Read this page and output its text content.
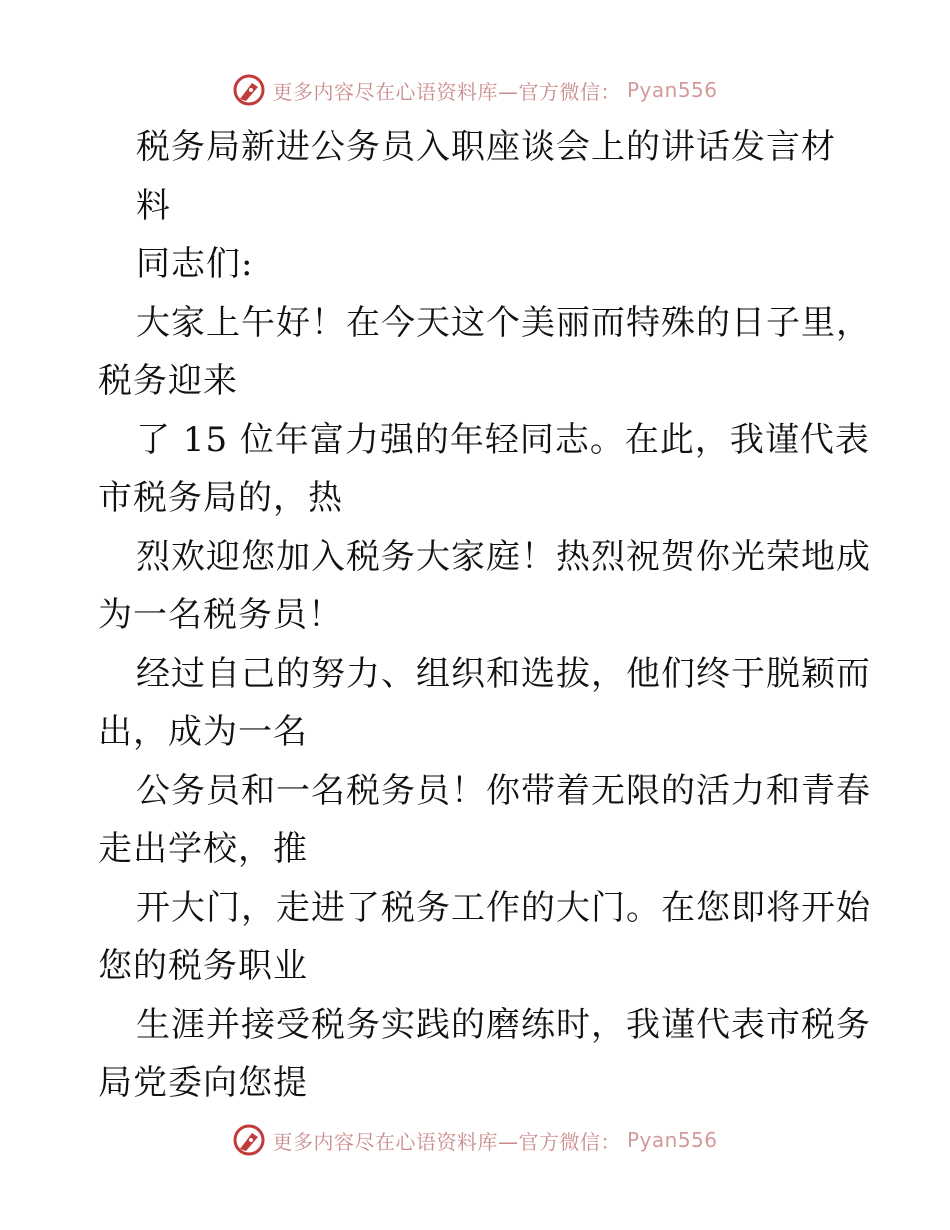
更多内容尽在心语资料库—官方微信： Pyan556
税务局新进公务员入职座谈会上的讲话发言材
料
同志们:
大家上午好！在今天这个美丽而特殊的日子里，
税务迎来
了 15 位年富力强的年轻同志。在此，我谨代表
市税务局的，热
烈欢迎您加入税务大家庭！热烈祝贺你光荣地成
为一名税务员！
经过自己的努力、组织和选拔，他们终于脱颖而
出，成为一名
公务员和一名税务员！你带着无限的活力和青春
走出学校，推
开大门，走进了税务工作的大门。在您即将开始
您的税务职业
生涯并接受税务实践的磨练时，我谨代表市税务
局党委向您提
更多内容尽在心语资料库—官方微信： Pyan556
